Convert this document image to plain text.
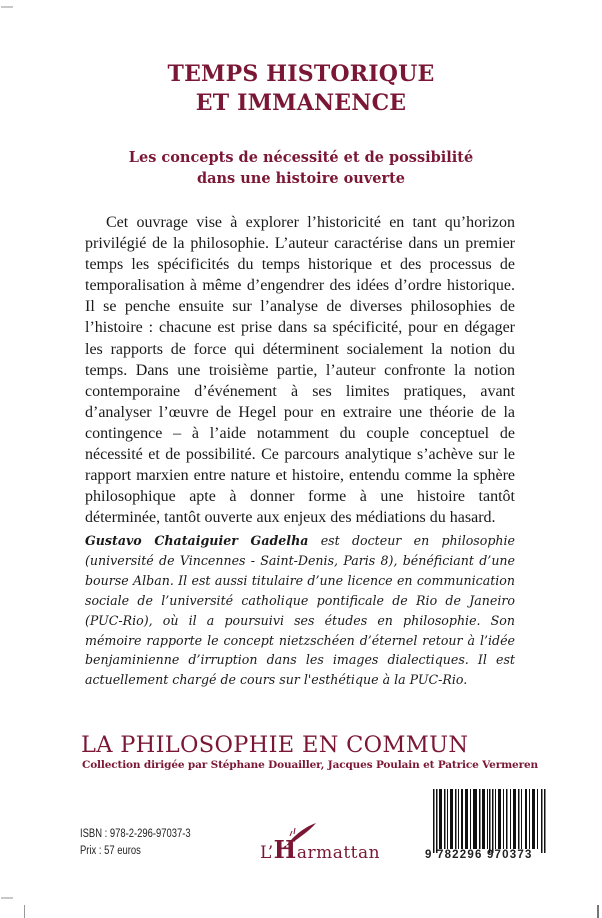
TEMPS HISTORIQUE
ET IMMANENCE
Les concepts de nécessité et de possibilité
dans une histoire ouverte

Cet ouvrage vise à explorer l’historicité en tant qu’horizon privilégié de la philosophie. L’auteur caractérise dans un premier temps les spécificités du temps historique et des processus de temporalisation à même d’engendrer des idées d’ordre historique. Il se penche ensuite sur l’analyse de diverses philosophies de l’histoire : chacune est prise dans sa spécificité, pour en dégager les rapports de force qui déterminent socialement la notion du temps. Dans une troisième partie, l’auteur confronte la notion contemporaine d’événement à ses limites pratiques, avant d’analyser l’œuvre de Hegel pour en extraire une théorie de la contingence – à l’aide notamment du couple conceptuel de nécessité et de possibilité. Ce parcours analytique s’achève sur le rapport marxien entre nature et histoire, entendu comme la sphère philosophique apte à donner forme à une histoire tantôt déterminée, tantôt ouverte aux enjeux des médiations du hasard.

Gustavo Chataiguier Gadelha est docteur en philosophie (université de Vincennes - Saint-Denis, Paris 8), bénéficiant d’une bourse Alban. Il est aussi titulaire d’une licence en communication sociale de l’université catholique pontificale de Rio de Janeiro (PUC-Rio), où il a poursuivi ses études en philosophie. Son mémoire rapporte le concept nietzschéen d’éternel retour à l’idée benjaminienne d’irruption dans les images dialectiques. Il est actuellement chargé de cours sur l'esthétique à la PUC-Rio.

LA PHILOSOPHIE EN COMMUN
Collection dirigée par Stéphane Douailler, Jacques Poulain et Patrice Vermeren
ISBN : 978-2-296-97037-3
Prix : 57 euros	L’Harmattan	9 782296 970373
